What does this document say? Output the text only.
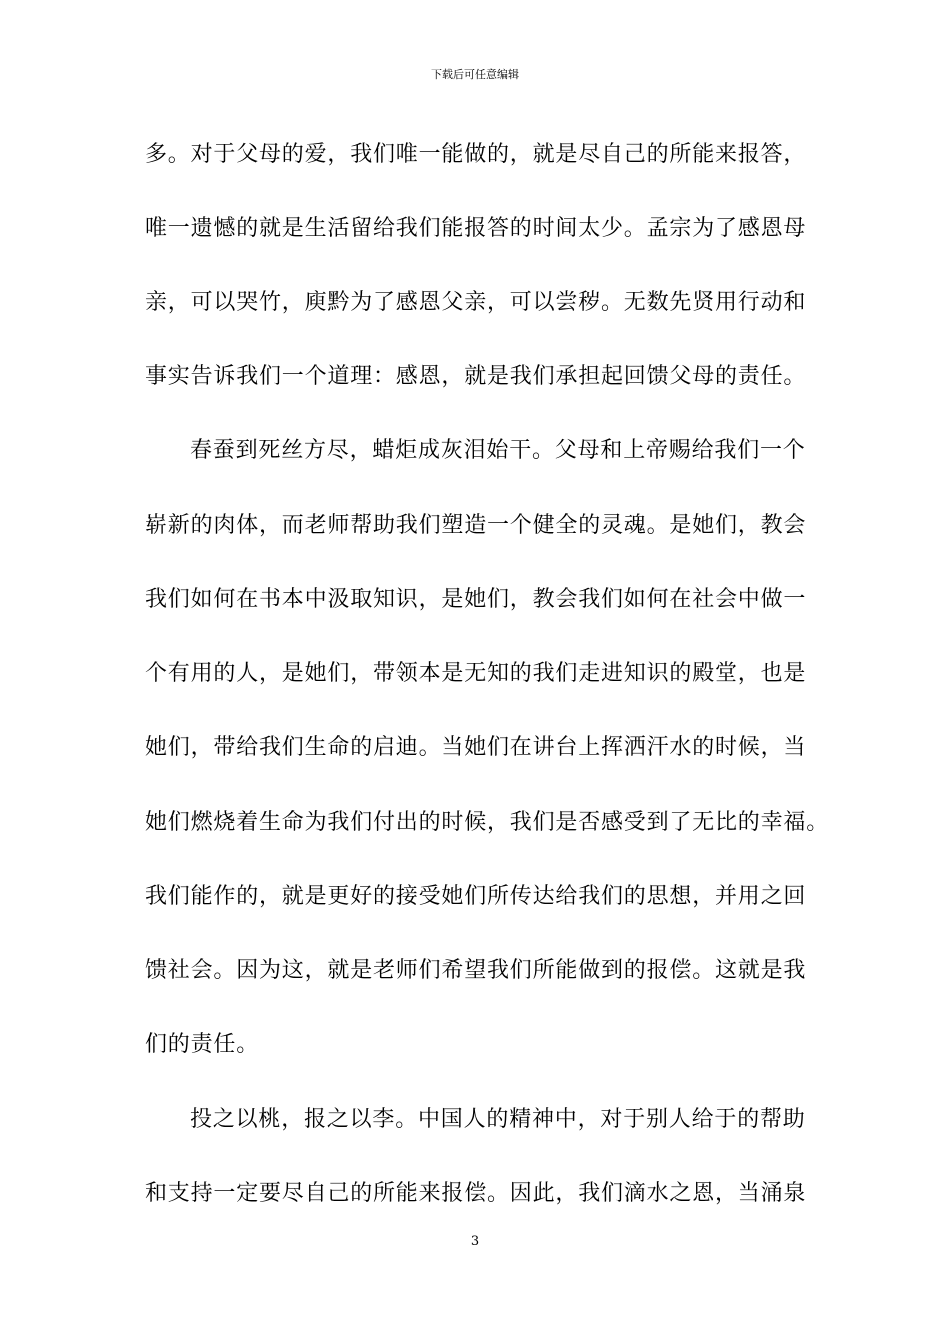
下载后可任意编辑
多。对于父母的爱，我们唯一能做的，就是尽自己的所能来报答，
唯一遗憾的就是生活留给我们能报答的时间太少。孟宗为了感恩母
亲，可以哭竹，庾黔为了感恩父亲，可以尝秽。无数先贤用行动和
事实告诉我们一个道理：感恩，就是我们承担起回馈父母的责任。
春蚕到死丝方尽，蜡炬成灰泪始干。父母和上帝赐给我们一个
崭新的肉体，而老师帮助我们塑造一个健全的灵魂。是她们，教会
我们如何在书本中汲取知识，是她们，教会我们如何在社会中做一
个有用的人，是她们，带领本是无知的我们走进知识的殿堂，也是
她们，带给我们生命的启迪。当她们在讲台上挥洒汗水的时候，当
她们燃烧着生命为我们付出的时候，我们是否感受到了无比的幸福。
我们能作的，就是更好的接受她们所传达给我们的思想，并用之回
馈社会。因为这，就是老师们希望我们所能做到的报偿。这就是我
们的责任。
投之以桃，报之以李。中国人的精神中，对于别人给于的帮助
和支持一定要尽自己的所能来报偿。因此，我们滴水之恩，当涌泉
3
